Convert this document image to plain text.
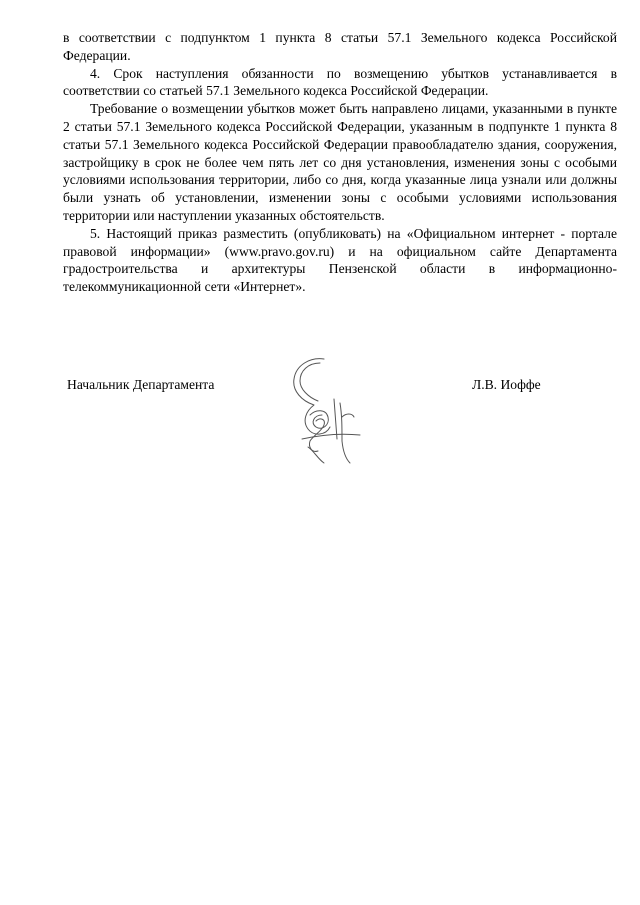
в соответствии с подпунктом 1 пункта 8 статьи 57.1 Земельного кодекса Российской Федерации.

4. Срок наступления обязанности по возмещению убытков устанавливается в соответствии со статьей 57.1 Земельного кодекса Российской Федерации.

Требование о возмещении убытков может быть направлено лицами, указанными в пункте 2 статьи 57.1 Земельного кодекса Российской Федерации, указанным в подпункте 1 пункта 8 статьи 57.1 Земельного кодекса Российской Федерации правообладателю здания, сооружения, застройщику в срок не более чем пять лет со дня установления, изменения зоны с особыми условиями использования территории, либо со дня, когда указанные лица узнали или должны были узнать об установлении, изменении зоны с особыми условиями использования территории или наступлении указанных обстоятельств.

5. Настоящий приказ разместить (опубликовать) на «Официальном интернет - портале правовой информации» (www.pravo.gov.ru) и на официальном сайте Департамента градостроительства и архитектуры Пензенской области в информационно-телекоммуникационной сети «Интернет».

Начальник Департамента	Л.В. Иоффе
